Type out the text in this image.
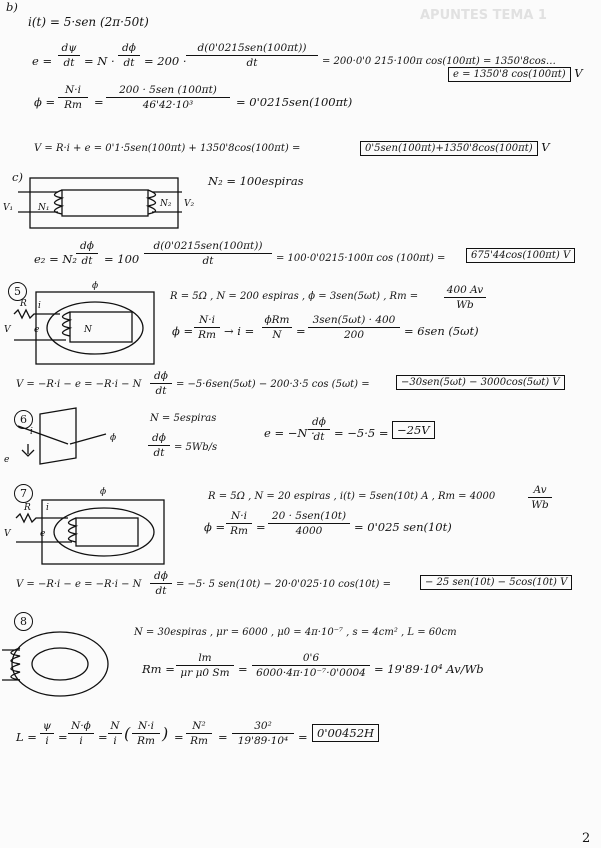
APUNTES TEMA 1
b)
i(t) = 5·sen (2π·50t)
e =
dψ
dt = N ·
dϕ
dt = 200 ·
d(0'0215sen(100πt))
dt	= 200·0'0 215·100π cos(100πt) = 1350'8cos…
e = 1350'8 cos(100πt) V
ϕ =
N·i
Rm	=
200 · 5sen (100πt)
46'42·10³	= 0'0215sen(100πt)
V = R·i + e = 0'1·5sen(100πt) + 1350'8cos(100πt) =	0'5sen(100πt)+1350'8cos(100πt) V
c)
V₁	N₁	N₂ V₂
N₂ = 100espiras
e₂ = N₂
dϕ
dt	= 100
d(0'0215sen(100πt))
dt	= 100·0'0215·100π cos (100πt) =	675'44cos(100πt) V
5	ϕ
R i
V	e	N
R = 5Ω , N = 200 espiras , ϕ = 3sen(5ωt) , Rm =
400 Av
Wb
ϕ =
N·i
Rm → i =
ϕRm
N	=
3sen(5ωt) · 400
200	= 6sen (5ωt)
V = −R·i − e = −R·i − N
dϕ
dt
= −5·6sen(5ωt) − 200·3·5 cos (5ωt) =	−30sen(5ωt) − 3000cos(5ωt) V
6
i
e
ϕ
N = 5espiras
dϕ
dt = 5Wb/s
e = −N ·
dϕ
dt = −5·5 = −25V
7	ϕ
R i
V	e
R = 5Ω , N = 20 espiras , i(t) = 5sen(10t) A , Rm = 4000
Av
Wb
ϕ =
N·i
Rm =
20 · 5sen(10t)
4000	= 0'025 sen(10t)
V = −R·i − e = −R·i − N
dϕ
dt
= −5· 5 sen(10t) − 20·0'025·10 cos(10t) =	− 25 sen(10t) − 5cos(10t) V
8
N = 30espiras , μr = 6000 , μ0 = 4π·10⁻⁷ , s = 4cm² , L = 60cm
Rm =
lm
μr μ0 Sm =
0'6
6000·4π·10⁻⁷·0'0004 = 19'89·10⁴ Av/Wb
L =
ψ
i =
N·ϕ
i	=
N
i ( N·i
Rm ) =
N²
Rm =
30²
19'89·10⁴ = 0'00452H
2
